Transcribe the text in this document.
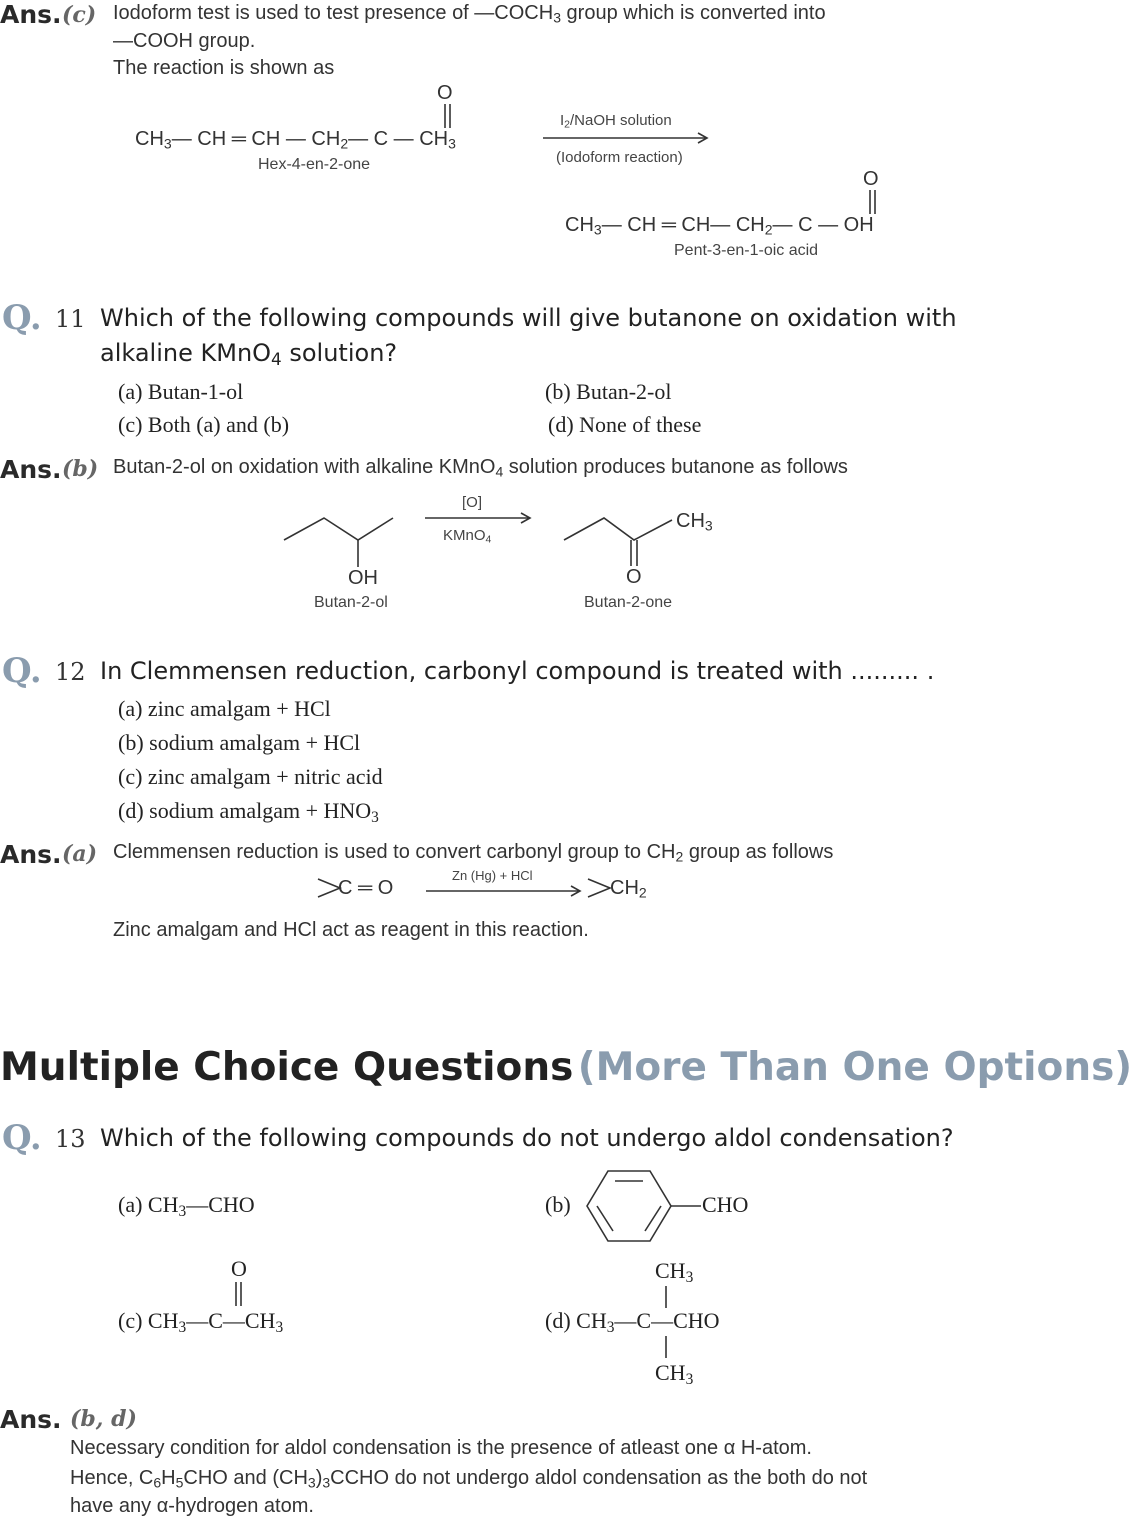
Ans. (c) Iodoform test is used to test presence of $—COCH_3$ group which is converted into
—COOH group.
The reaction is shown as
O
$CH_3—$ CH ═ CH — $CH_2—$ C — $CH_3$
Hex-4-en-2-one
$I_2$/NaOH solution
(Iodoform reaction)
O
$CH_3—$ CH ═ CH— $CH_2—$ C — OH
Pent-3-en-1-oic acid
Q. 11 Which of the following compounds will give butanone on oxidation with
alkaline KMnO$_4$ solution?
(a) Butan-1-ol	(b) Butan-2-ol
(c) Both (a) and (b)	(d) None of these
Ans. (b) Butan-2-ol on oxidation with alkaline KMnO$_4$ solution produces butanone as follows
OH
Butan-2-ol
[O]
KMnO$_4$
$CH_3$
O
Butan-2-one
Q. 12 In Clemmensen reduction, carbonyl compound is treated with ......... .
(a) zinc amalgam + HCl
(b) sodium amalgam + HCl
(c) zinc amalgam + nitric acid
(d) sodium amalgam + $HNO_3$
Ans. (a) Clemmensen reduction is used to convert carbonyl group to $CH_2$ group as follows
C ═ O
Zn (Hg) + HCl
$CH_2$
Zinc amalgam and HCl act as reagent in this reaction.
Multiple Choice Questions (More Than One Options)
Q. 13 Which of the following compounds do not undergo aldol condensation?
(a) $CH_3—CHO$	(b)	CHO
O
(c) $CH_3—C—CH_3$
$CH_3$
(d) $CH_3—C—CHO$
$CH_3$
Ans. (b, d)
Necessary condition for aldol condensation is the presence of atleast one α H-atom.
Hence, $C_6H_5CHO$ and $(CH_3)_3CCHO$ do not undergo aldol condensation as the both do not
have any α-hydrogen atom.
